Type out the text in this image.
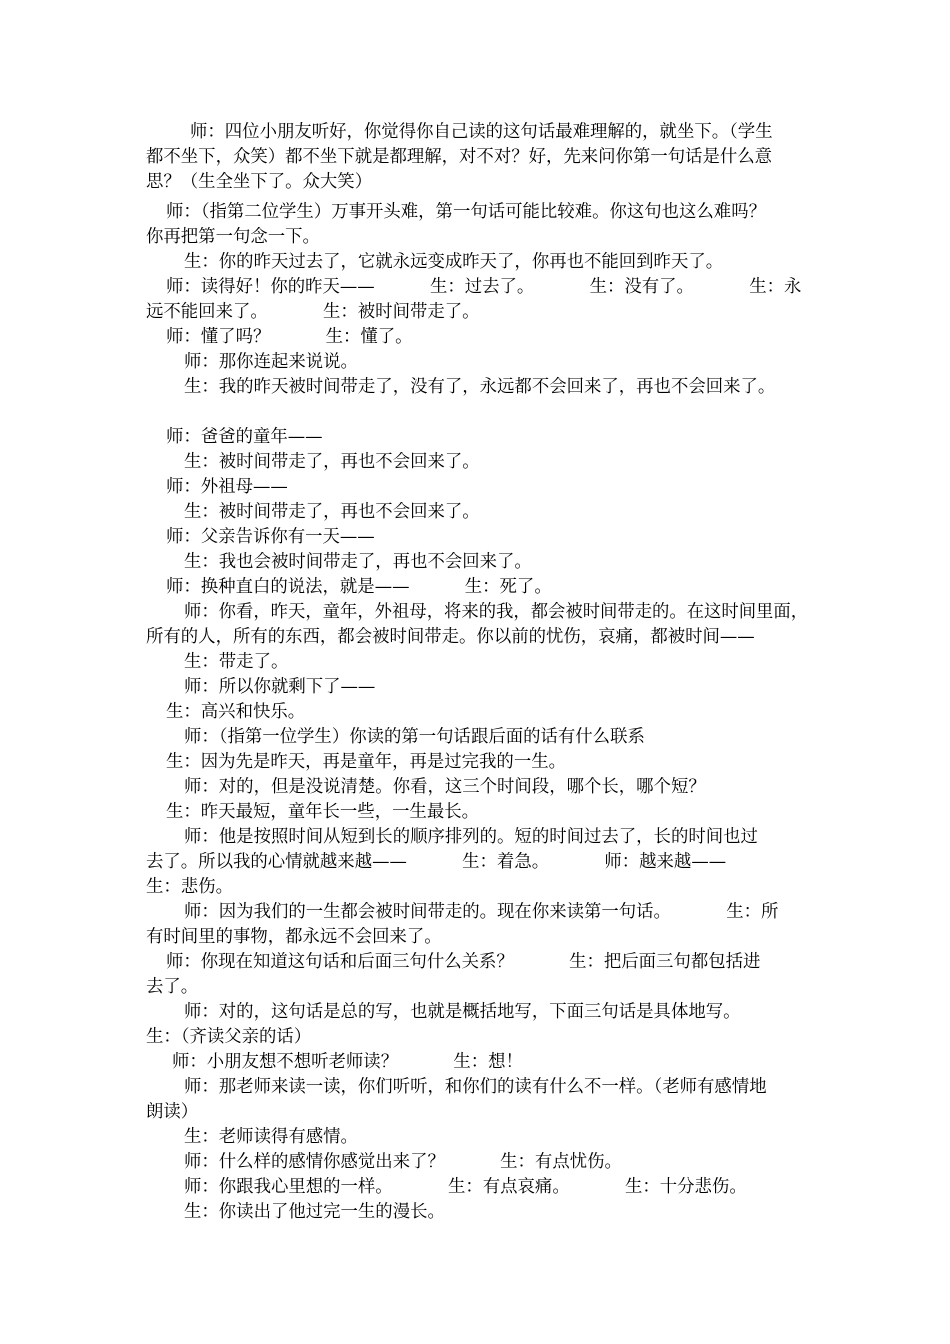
师：四位小朋友听好，你觉得你自己读的这句话最难理解的，就坐下。（学生
都不坐下，众笑）都不坐下就是都理解，对不对？好，先来问你第一句话是什么意
思？（生全坐下了。众大笑）
师：（指第二位学生）万事开头难，第一句话可能比较难。你这句也这么难吗？
你再把第一句念一下。
生：你的昨天过去了，它就永远变成昨天了，你再也不能回到昨天了。
师：读得好！你的昨天——          生：过去了。          生：没有了。          生：永
远不能回来了。          生：被时间带走了。
师：懂了吗？          生：懂了。
师：那你连起来说说。
生：我的昨天被时间带走了，没有了，永远都不会回来了，再也不会回来了。
师：爸爸的童年——
生：被时间带走了，再也不会回来了。
师：外祖母——
生：被时间带走了，再也不会回来了。
师：父亲告诉你有一天——
生：我也会被时间带走了，再也不会回来了。
师：换种直白的说法，就是——          生：死了。
师：你看，昨天，童年，外祖母，将来的我，都会被时间带走的。在这时间里面，
所有的人，所有的东西，都会被时间带走。你以前的忧伤，哀痛，都被时间——
生：带走了。
师：所以你就剩下了——
生：高兴和快乐。
师：（指第一位学生）你读的第一句话跟后面的话有什么联系
生：因为先是昨天，再是童年，再是过完我的一生。
师：对的，但是没说清楚。你看，这三个时间段，哪个长，哪个短？
生：昨天最短，童年长一些，一生最长。
师：他是按照时间从短到长的顺序排列的。短的时间过去了，长的时间也过
去了。所以我的心情就越来越——          生：着急。          师：越来越——
生：悲伤。
师：因为我们的一生都会被时间带走的。现在你来读第一句话。          生：所
有时间里的事物，都永远不会回来了。
师：你现在知道这句话和后面三句什么关系？          生：把后面三句都包括进
去了。
师：对的，这句话是总的写，也就是概括地写，下面三句话是具体地写。
生：（齐读父亲的话）
师：小朋友想不想听老师读？          生：想！
师：那老师来读一读，你们听听，和你们的读有什么不一样。（老师有感情地
朗读）
生：老师读得有感情。
师：什么样的感情你感觉出来了？          生：有点忧伤。
师：你跟我心里想的一样。          生：有点哀痛。          生：十分悲伤。
生：你读出了他过完一生的漫长。
